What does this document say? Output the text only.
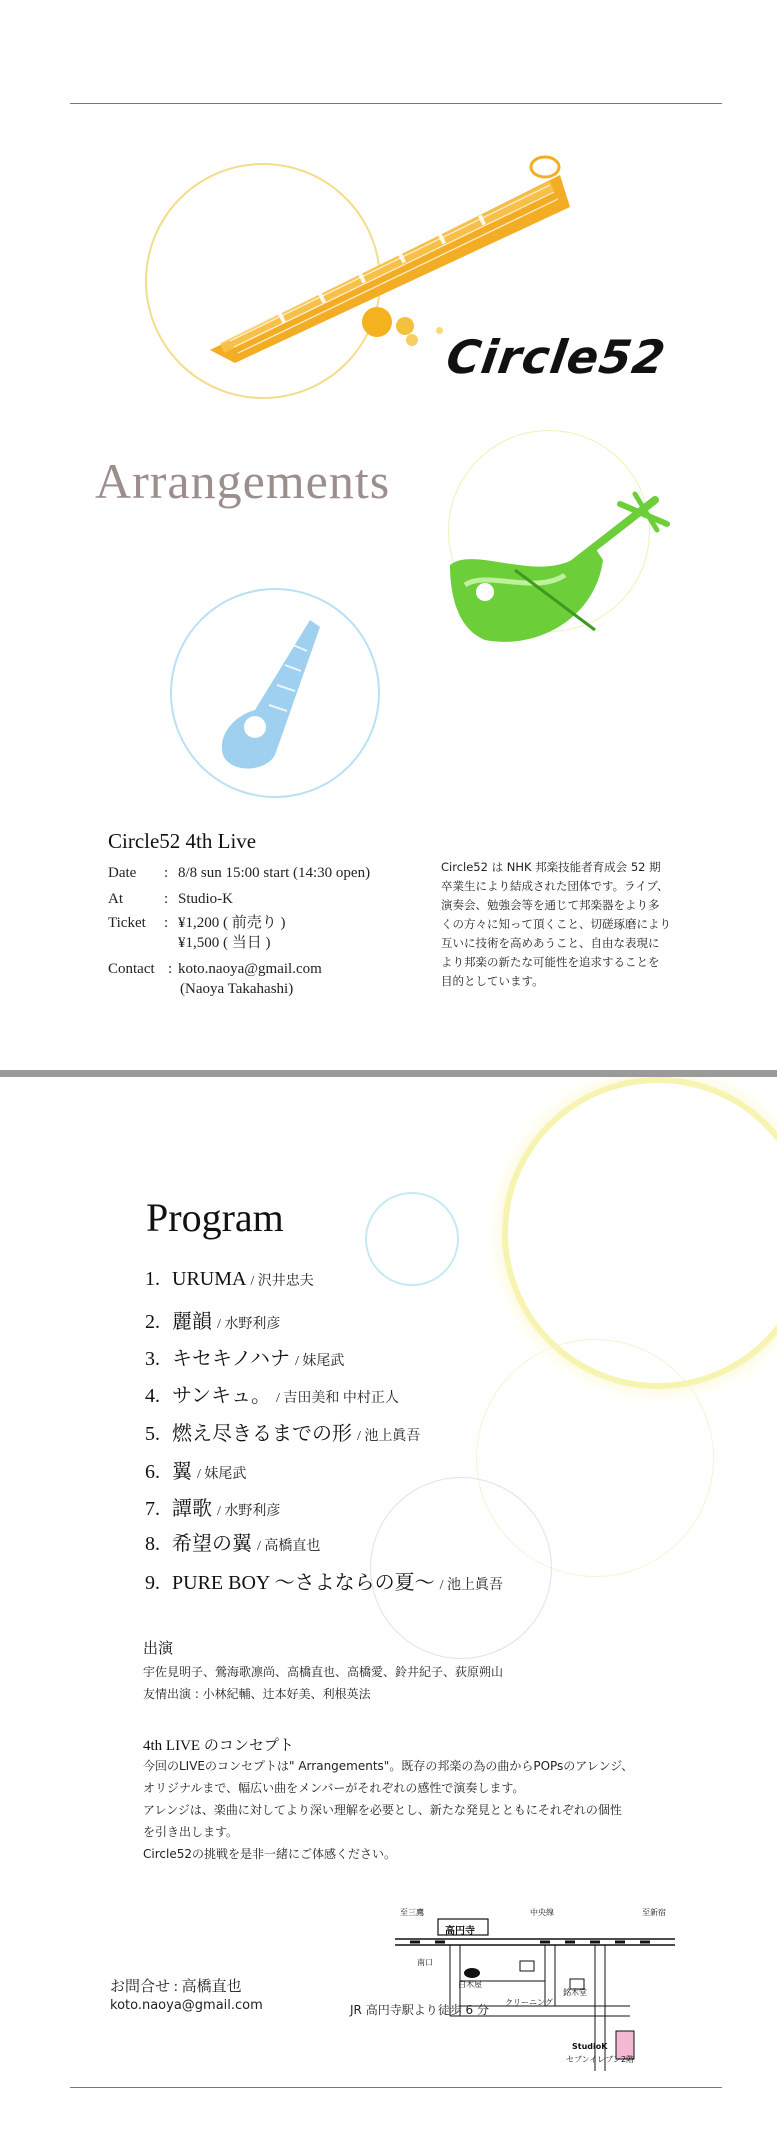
Circle52
Arrangements
Circle52 4th Live
Date : 8/8 sun 15:00 start (14:30 open)
At	: Studio-K
Ticket : ¥1,200 ( 前売り )
¥1,500 ( 当日 )
Contact : koto.naoya@gmail.com
(Naoya Takahashi)
Circle52 は NHK 邦楽技能者育成会 52 期
卒業生により結成された団体です。ライブ、
演奏会、勉強会等を通じて邦楽器をより多
くの方々に知って頂くこと、切磋琢磨により
互いに技術を高めあうこと、自由な表現に
より邦楽の新たな可能性を追求することを
目的としています。
Program
1. URUMA / 沢井忠夫
2. 麗韻 / 水野利彦
3. キセキノハナ / 妹尾武
4. サンキュ。 / 吉田美和 中村正人
5. 燃え尽きるまでの形 / 池上眞吾
6. 翼 / 妹尾武
7. 譚歌 / 水野利彦
8. 希望の翼 / 高橋直也
9. PURE BOY 〜さよならの夏〜 / 池上眞吾
出演
宇佐見明子、鶯海歌凛尚、高橋直也、高橋愛、鈴井紀子、荻原朔山
友情出演 : 小林紀輔、辻本好美、利根英法
4th LIVE のコンセプト
今回のLIVEのコンセプトは" Arrangements"。既存の邦楽の為の曲からPOPsのアレンジ、
オリジナルまで、幅広い曲をメンバーがそれぞれの感性で演奏します。
アレンジは、楽曲に対してより深い理解を必要とし、新たな発見とともにそれぞれの個性
を引き出します。
Circle52の挑戦を是非一緒にご体感ください。
至三鷹
高円寺
中央線	至新宿
南口
白木屋
クリーニング
銘木堂
StudioK
セブンイレブン2階
お問合せ : 高橋直也
koto.naoya@gmail.com	JR 高円寺駅より徒歩 6 分
